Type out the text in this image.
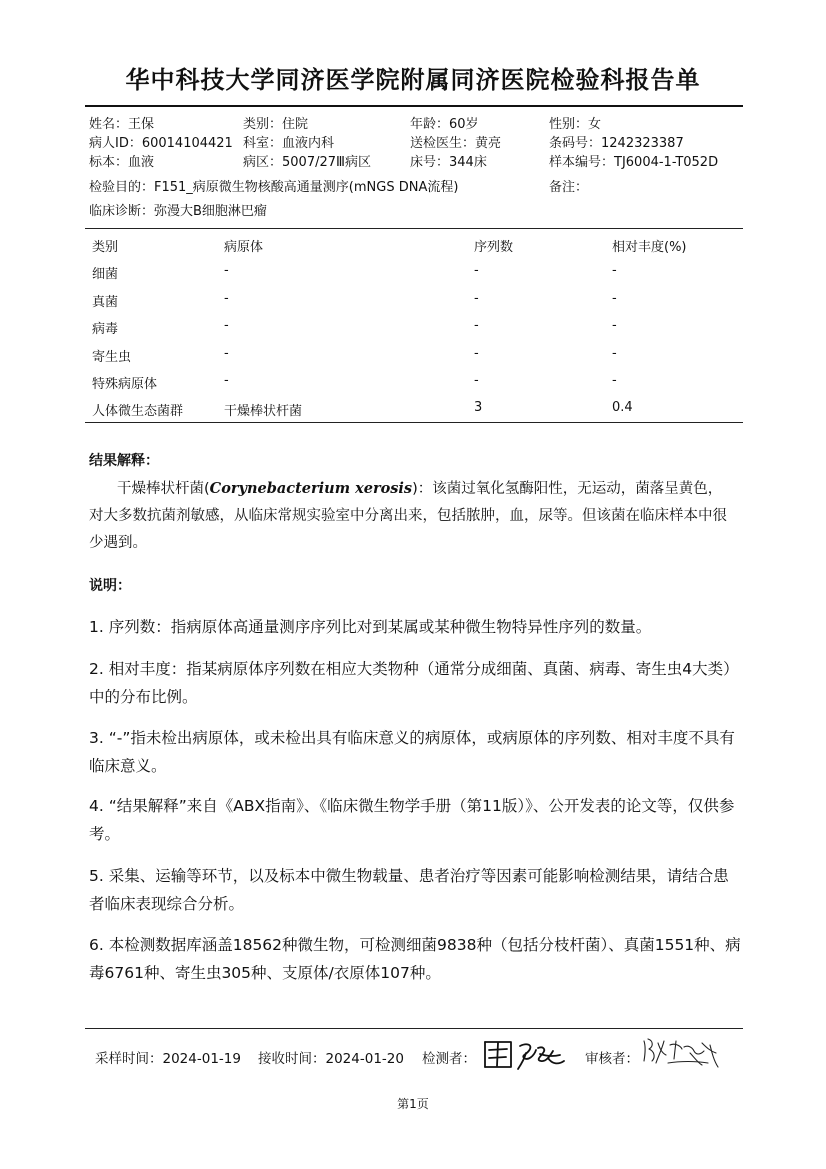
华中科技大学同济医学院附属同济医院检验科报告单
姓名：王保	类别：住院	年龄：60岁	性别：女
病人ID：60014104421 科室：血液内科	送检医生：黄亮	条码号：1242323387
标本：血液	病区：5007/27Ⅲ病区	床号：344床	样本编号：TJ6004-1-T052D
检验目的：F151_病原微生物核酸高通量测序(mNGS DNA流程)	备注：
临床诊断：弥漫大B细胞淋巴瘤
类别	病原体	序列数	相对丰度(%)
细菌	-	-	-
真菌	-	-	-
病毒	-	-	-
寄生虫	-	-	-
特殊病原体	-	-	-
人体微生态菌群	干燥棒状杆菌	3	0.4
结果解释：
干燥棒状杆菌(Corynebacterium xerosis)：该菌过氧化氢酶阳性，无运动，菌落呈黄色，对大多数抗菌剂敏感，从临床常规实验室中分离出来，包括脓肿，血，尿等。但该菌在临床样本中很少遇到。
说明：
1. 序列数：指病原体高通量测序序列比对到某属或某种微生物特异性序列的数量。
2. 相对丰度：指某病原体序列数在相应大类物种（通常分成细菌、真菌、病毒、寄生虫4大类）中的分布比例。
3. “-”指未检出病原体，或未检出具有临床意义的病原体，或病原体的序列数、相对丰度不具有临床意义。
4. “结果解释”来自《ABX指南》、《临床微生物学手册（第11版）》、公开发表的论文等，仅供参考。
5. 采集、运输等环节，以及标本中微生物载量、患者治疗等因素可能影响检测结果，请结合患者临床表现综合分析。
6. 本检测数据库涵盖18562种微生物，可检测细菌9838种（包括分枝杆菌）、真菌1551种、病毒6761种、寄生虫305种、支原体/衣原体107种。
采样时间：2024-01-19 接收时间：2024-01-20 检测者：	审核者：
第1页
